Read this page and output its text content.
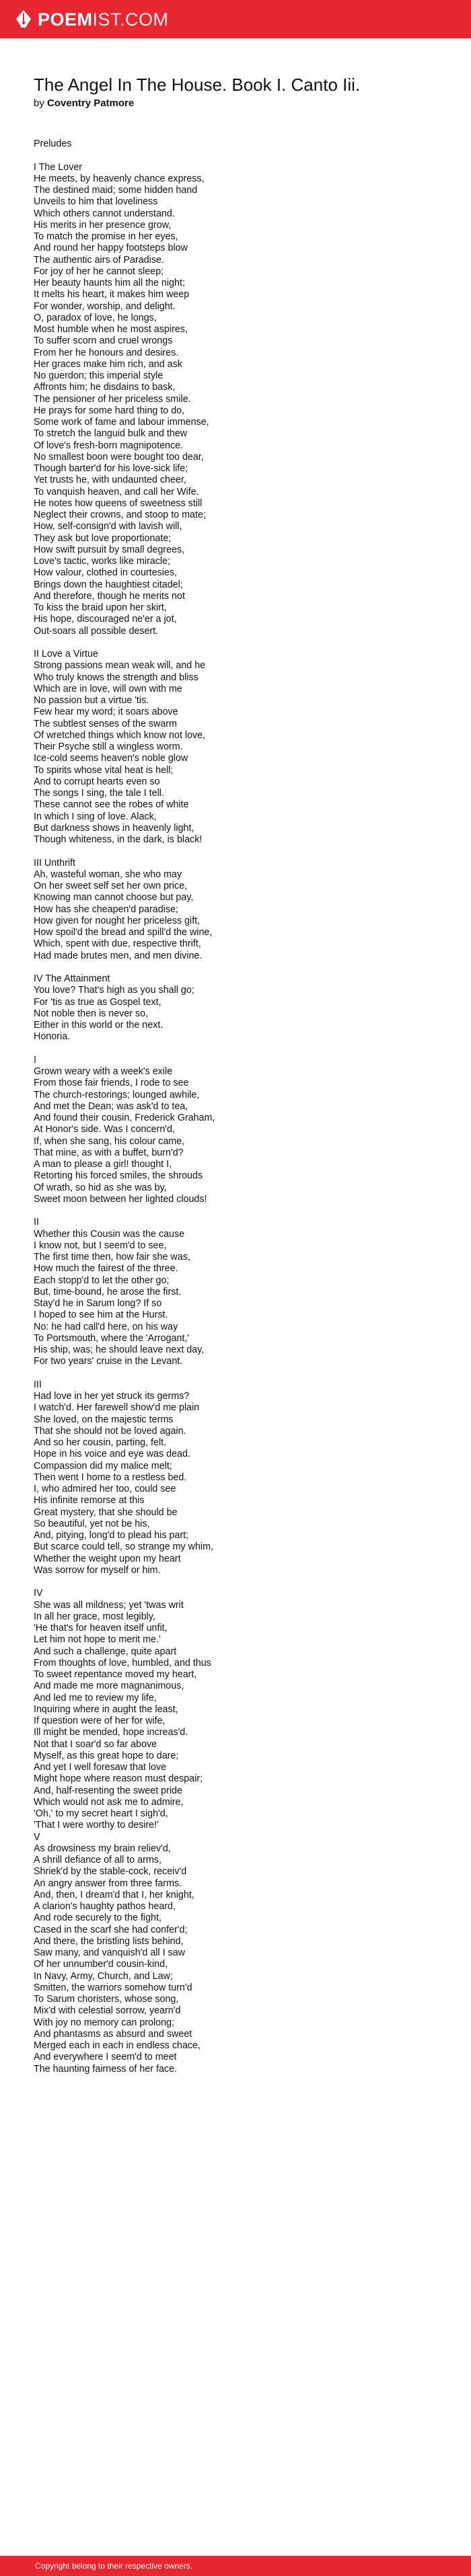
POEMIST.COM
The Angel In The House. Book I. Canto Iii.
by Coventry Patmore
Preludes

I The Lover
He meets, by heavenly chance express,
The destined maid; some hidden hand
Unveils to him that loveliness
Which others cannot understand.
His merits in her presence grow,
To match the promise in her eyes,
And round her happy footsteps blow
The authentic airs of Paradise.
For joy of her he cannot sleep;
Her beauty haunts him all the night;
It melts his heart, it makes him weep
For wonder, worship, and delight.
O, paradox of love, he longs,
Most humble when he most aspires,
To suffer scorn and cruel wrongs
From her he honours and desires.
Her graces make him rich, and ask
No guerdon; this imperial style
Affronts him; he disdains to bask,
The pensioner of her priceless smile.
He prays for some hard thing to do,
Some work of fame and labour immense,
To stretch the languid bulk and thew
Of love's fresh-born magnipotence.
No smallest boon were bought too dear,
Though barter'd for his love-sick life;
Yet trusts he, with undaunted cheer,
To vanquish heaven, and call her Wife.
He notes how queens of sweetness still
Neglect their crowns, and stoop to mate;
How, self-consign'd with lavish will,
They ask but love proportionate;
How swift pursuit by small degrees,
Love's tactic, works like miracle;
How valour, clothed in courtesies,
Brings down the haughtiest citadel;
And therefore, though he merits not
To kiss the braid upon her skirt,
His hope, discouraged ne'er a jot,
Out-soars all possible desert.

II Love a Virtue
Strong passions mean weak will, and he
Who truly knows the strength and bliss
Which are in love, will own with me
No passion but a virtue 'tis.
Few hear my word; it soars above
The subtlest senses of the swarm
Of wretched things which know not love,
Their Psyche still a wingless worm.
Ice-cold seems heaven's noble glow
To spirits whose vital heat is hell;
And to corrupt hearts even so
The songs I sing, the tale I tell.
These cannot see the robes of white
In which I sing of love. Alack,
But darkness shows in heavenly light,
Though whiteness, in the dark, is black!

III Unthrift
Ah, wasteful woman, she who may
On her sweet self set her own price,
Knowing man cannot choose but pay,
How has she cheapen'd paradise;
How given for nought her priceless gift,
How spoil'd the bread and spill'd the wine,
Which, spent with due, respective thrift,
Had made brutes men, and men divine.

IV The Attainment
You love? That's high as you shall go;
For 'tis as true as Gospel text,
Not noble then is never so,
Either in this world or the next.
Honoria.

I
Grown weary with a week's exile
From those fair friends, I rode to see
The church-restorings; lounged awhile,
And met the Dean; was ask'd to tea,
And found their cousin, Frederick Graham,
At Honor's side. Was I concern'd,
If, when she sang, his colour came,
That mine, as with a buffet, burn'd?
A man to please a girl! thought I,
Retorting his forced smiles, the shrouds
Of wrath, so hid as she was by,
Sweet moon between her lighted clouds!

II
Whether this Cousin was the cause
I know not, but I seem'd to see,
The first time then, how fair she was,
How much the fairest of the three.
Each stopp'd to let the other go;
But, time-bound, he arose the first.
Stay'd he in Sarum long? If so
I hoped to see him at the Hurst.
No: he had call'd here, on his way
To Portsmouth, where the 'Arrogant,'
His ship, was; he should leave next day,
For two years' cruise in the Levant.

III
Had love in her yet struck its germs?
I watch'd. Her farewell show'd me plain
She loved, on the majestic terms
That she should not be loved again.
And so her cousin, parting, felt.
Hope in his voice and eye was dead.
Compassion did my malice melt;
Then went I home to a restless bed.
I, who admired her too, could see
His infinite remorse at this
Great mystery, that she should be
So beautiful, yet not be his,
And, pitying, long'd to plead his part;
But scarce could tell, so strange my whim,
Whether the weight upon my heart
Was sorrow for myself or him.

IV
She was all mildness; yet 'twas writ
In all her grace, most legibly,
'He that's for heaven itself unfit,
Let him not hope to merit me.'
And such a challenge, quite apart
From thoughts of love, humbled, and thus
To sweet repentance moved my heart,
And made me more magnanimous,
And led me to review my life,
Inquiring where in aught the least,
If question were of her for wife,
Ill might be mended, hope increas'd.
Not that I soar'd so far above
Myself, as this great hope to dare;
And yet I well foresaw that love
Might hope where reason must despair;
And, half-resenting the sweet pride
Which would not ask me to admire,
'Oh,' to my secret heart I sigh'd,
'That I were worthy to desire!'
V
As drowsiness my brain reliev'd,
A shrill defiance of all to arms,
Shriek'd by the stable-cock, receiv'd
An angry answer from three farms.
And, then, I dream'd that I, her knight,
A clarion's haughty pathos heard,
And rode securely to the fight,
Cased in the scarf she had confer'd;
And there, the bristling lists behind,
Saw many, and vanquish'd all I saw
Of her unnumber'd cousin-kind,
In Navy, Army, Church, and Law;
Smitten, the warriors somehow turn'd
To Sarum choristers, whose song,
Mix'd with celestial sorrow, yearn'd
With joy no memory can prolong;
And phantasms as absurd and sweet
Merged each in each in endless chace,
And everywhere I seem'd to meet
The haunting fairness of her face.
Copyright belong to their respective owners.
